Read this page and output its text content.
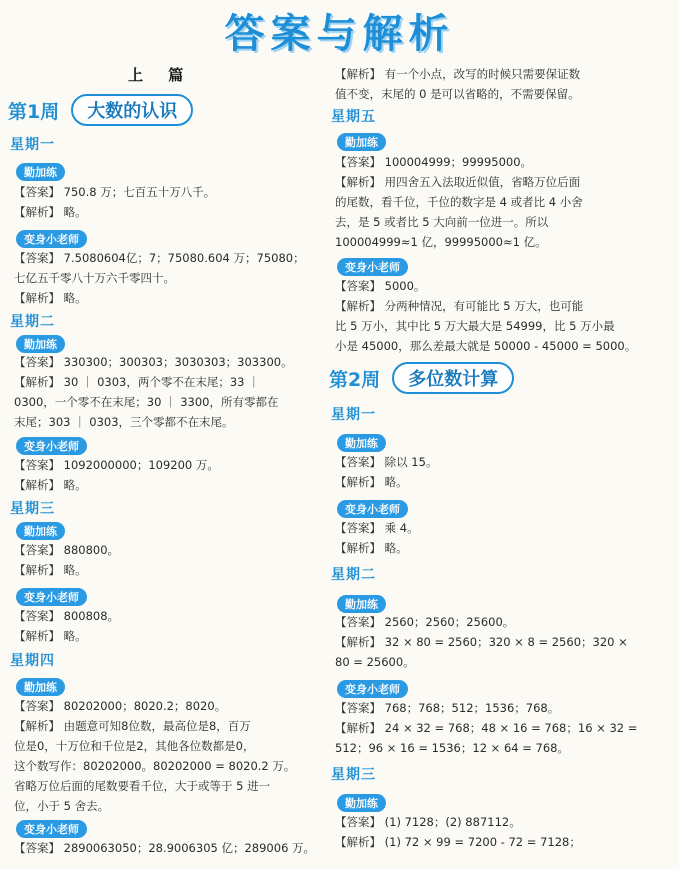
答案与解析
上 篇
第1周	大数的认识
星期一
勤加练
【答案】 750.8 万；七百五十万八千。
【解析】 略。
变身小老师
【答案】 7.5080604亿；7；75080.604 万；75080；
七亿五千零八十万六千零四十。
【解析】 略。
星期二
勤加练
【答案】 330300；300303；3030303；303300。
【解析】 30 ｜ 0303，两个零不在末尾；33 ｜
0300，一个零不在末尾；30 ｜ 3300，所有零都在
末尾；303 ｜ 0303，三个零都不在末尾。
变身小老师
【答案】 1092000000；109200 万。
【解析】 略。
星期三
勤加练
【答案】 880800。
【解析】 略。
变身小老师
【答案】 800808。
【解析】 略。
星期四
勤加练
【答案】 80202000；8020.2；8020。
【解析】 由题意可知8位数，最高位是8，百万
位是0，十万位和千位是2，其他各位数都是0，
这个数写作：80202000。80202000 = 8020.2 万。
省略万位后面的尾数要看千位，大于或等于 5 进一
位，小于 5 舍去。
变身小老师
【答案】 2890063050；28.9006305 亿；289006 万。
【解析】 有一个小点，改写的时候只需要保证数
值不变，末尾的 0 是可以省略的，不需要保留。
星期五
勤加练
【答案】 100004999；99995000。
【解析】 用四舍五入法取近似值，省略万位后面
的尾数，看千位，千位的数字是 4 或者比 4 小舍
去，是 5 或者比 5 大向前一位进一。所以
100004999≈1 亿，99995000≈1 亿。
变身小老师
【答案】 5000。
【解析】 分两种情况，有可能比 5 万大，也可能
比 5 万小，其中比 5 万大最大是 54999，比 5 万小最
小是 45000，那么差最大就是 50000 - 45000 = 5000。
第2周	多位数计算
星期一
勤加练
【答案】 除以 15。
【解析】 略。
变身小老师
【答案】 乘 4。
【解析】 略。
星期二
勤加练
【答案】 2560；2560；25600。
【解析】 32 × 80 = 2560；320 × 8 = 2560；320 ×
80 = 25600。
变身小老师
【答案】 768；768；512；1536；768。
【解析】 24 × 32 = 768；48 × 16 = 768；16 × 32 =
512；96 × 16 = 1536；12 × 64 = 768。
星期三
勤加练
【答案】 (1) 7128；(2) 887112。
【解析】 (1) 72 × 99 = 7200 - 72 = 7128；
